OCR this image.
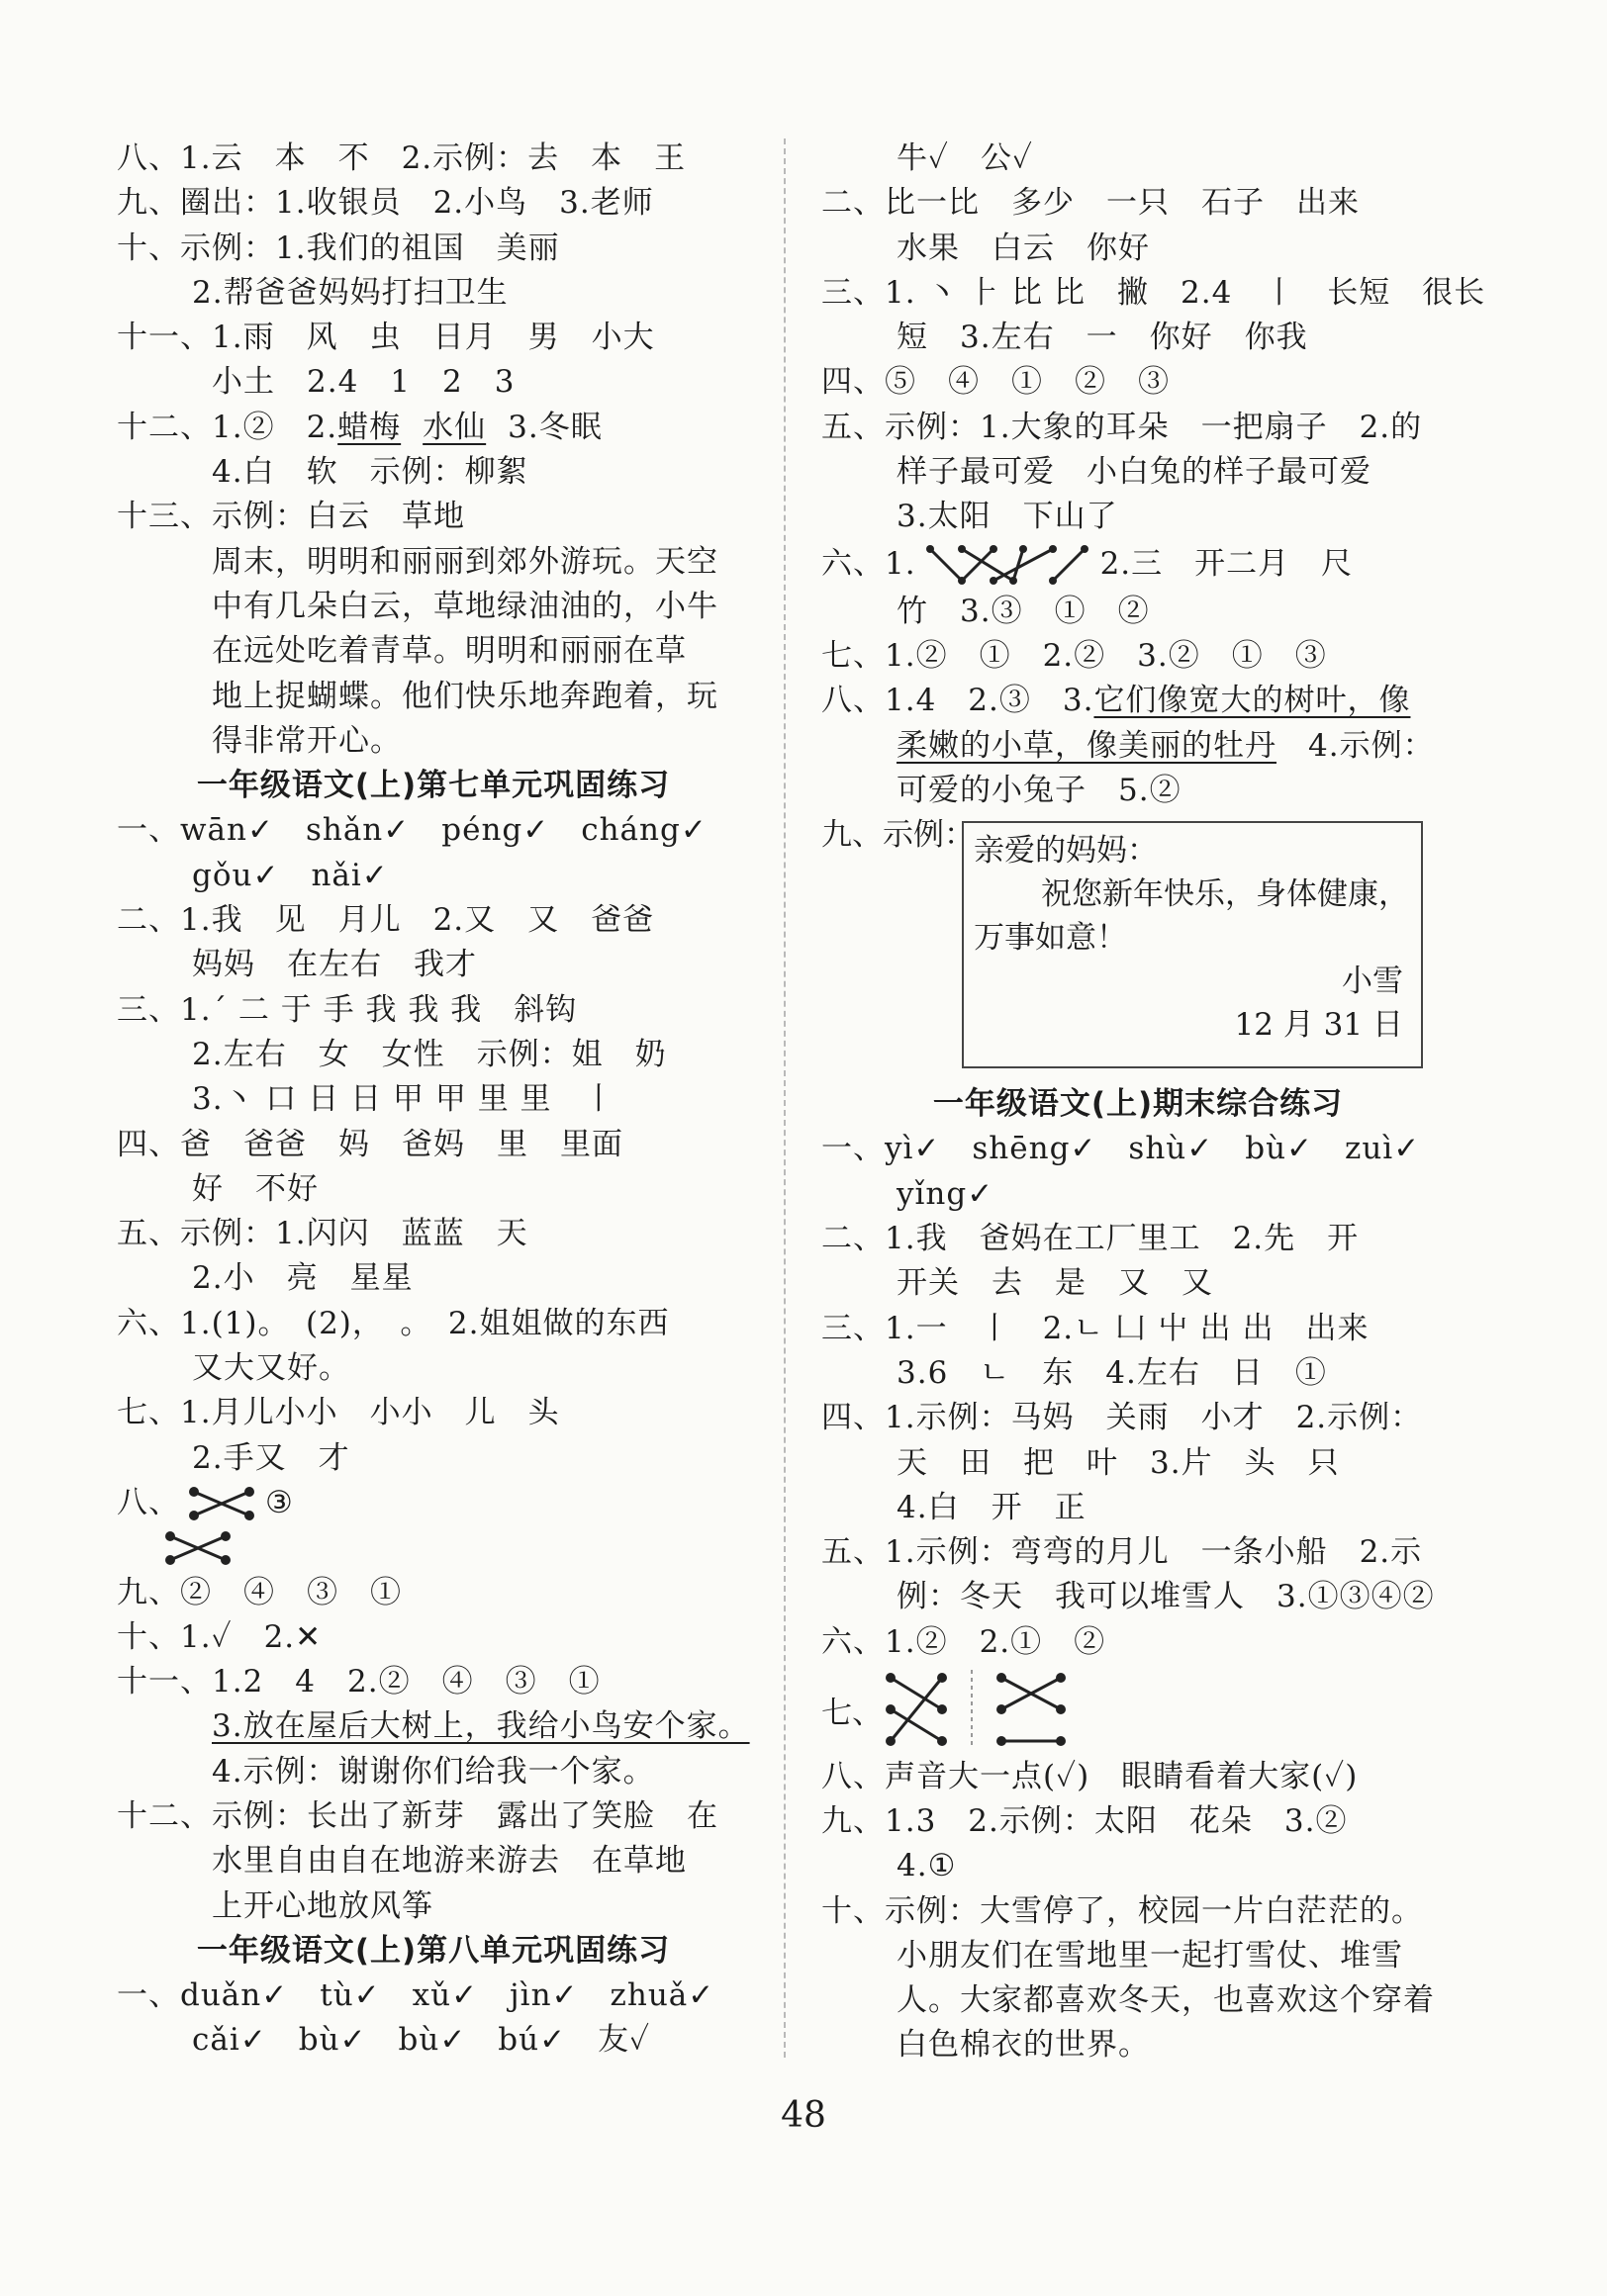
八、1.云　本　不　2.示例：去　本　王
九、圈出：1.收银员　2.小鸟　3.老师
十、示例：1.我们的祖国　美丽
2.帮爸爸妈妈打扫卫生
十一、1.雨　风　虫　日月　男　小大
小土　2.4　1　2　3
十二、1.②　2.蜡梅 水仙 3.冬眠
4.白　软　示例：柳絮
十三、示例：白云　草地
周末，明明和丽丽到郊外游玩。天空
中有几朵白云，草地绿油油的，小牛
在远处吃着青草。明明和丽丽在草
地上捉蝴蝶。他们快乐地奔跑着，玩
得非常开心。
一年级语文(上)第七单元巩固练习
一、wān✓　shǎn✓　péng✓　cháng✓
gǒu✓　nǎi✓
二、1.我　见　月儿　2.又　又　爸爸
妈妈　在左右　我才
三、1.ˊ 二 于 手 我 我 我　斜钩
2.左右　女　女性　示例：姐　奶
3.丶 口 日 日 甲 甲 里 里　丨
四、爸　爸爸　妈　爸妈　里　里面
好　不好
五、示例：1.闪闪　蓝蓝　天
2.小　亮　星星
六、1.(1)。　(2)，　。　2.姐姐做的东西
又大又好。
七、1.月儿小小　小小　儿　头
2.手又　才
八、	③
九、②　④　③　①
十、1.✓　2.✕
十一、1.2　4　2.②　④　③　①
3.放在屋后大树上，我给小鸟安个家。
4.示例：谢谢你们给我一个家。
十二、示例：长出了新芽　露出了笑脸　在
水里自由自在地游来游去　在草地
上开心地放风筝
一年级语文(上)第八单元巩固练习
一、duǎn✓　tù✓　xǔ✓　jìn✓　zhuǎ✓
cǎi✓　bù✓　bù✓　bú✓　友✓
牛✓　公✓
二、比一比　多少　一只　石子　出来
水果　白云　你好
三、1. 丶 ⺊ 比 比　撇　2.4　丨　长短　很长
短　3.左右　一　你好　你我
四、⑤　④　①　②　③
五、示例：1.大象的耳朵　一把扇子　2.的
样子最可爱　小白兔的样子最可爱
3.太阳　下山了
六、1.	2.三　开二月　尺
竹　3.③　①　②
七、1.②　①　2.②　3.②　①　③
八、1.4　2.③　3.它们像宽大的树叶，像
柔嫩的小草，像美丽的牡丹　4.示例：
可爱的小兔子　5.②
九、示例： 亲爱的妈妈：
祝您新年快乐，身体健康，
万事如意！
小雪
12 月 31 日
一年级语文(上)期末综合练习
一、yì✓　shēng✓　shù✓　bù✓　zuì✓
yǐng✓
二、1.我　爸妈在工厂里工　2.先　开
开关　去　是　又　又
三、1.一　丨　2.ㄴ 凵 屮 出 出　出来
3.6　ㄴ　东　4.左右　日　①
四、1.示例：马妈　关雨　小才　2.示例：
天　田　把　叶　3.片　头　只
4.白　开　正
五、1.示例：弯弯的月儿　一条小船　2.示
例：冬天　我可以堆雪人　3.①③④②
六、1.②　2.①　②
七、
八、声音大一点(✓)　眼睛看着大家(✓)
九、1.3　2.示例：太阳　花朵　3.②
4.①
十、示例：大雪停了，校园一片白茫茫的。
小朋友们在雪地里一起打雪仗、堆雪
人。大家都喜欢冬天，也喜欢这个穿着
白色棉衣的世界。
48
